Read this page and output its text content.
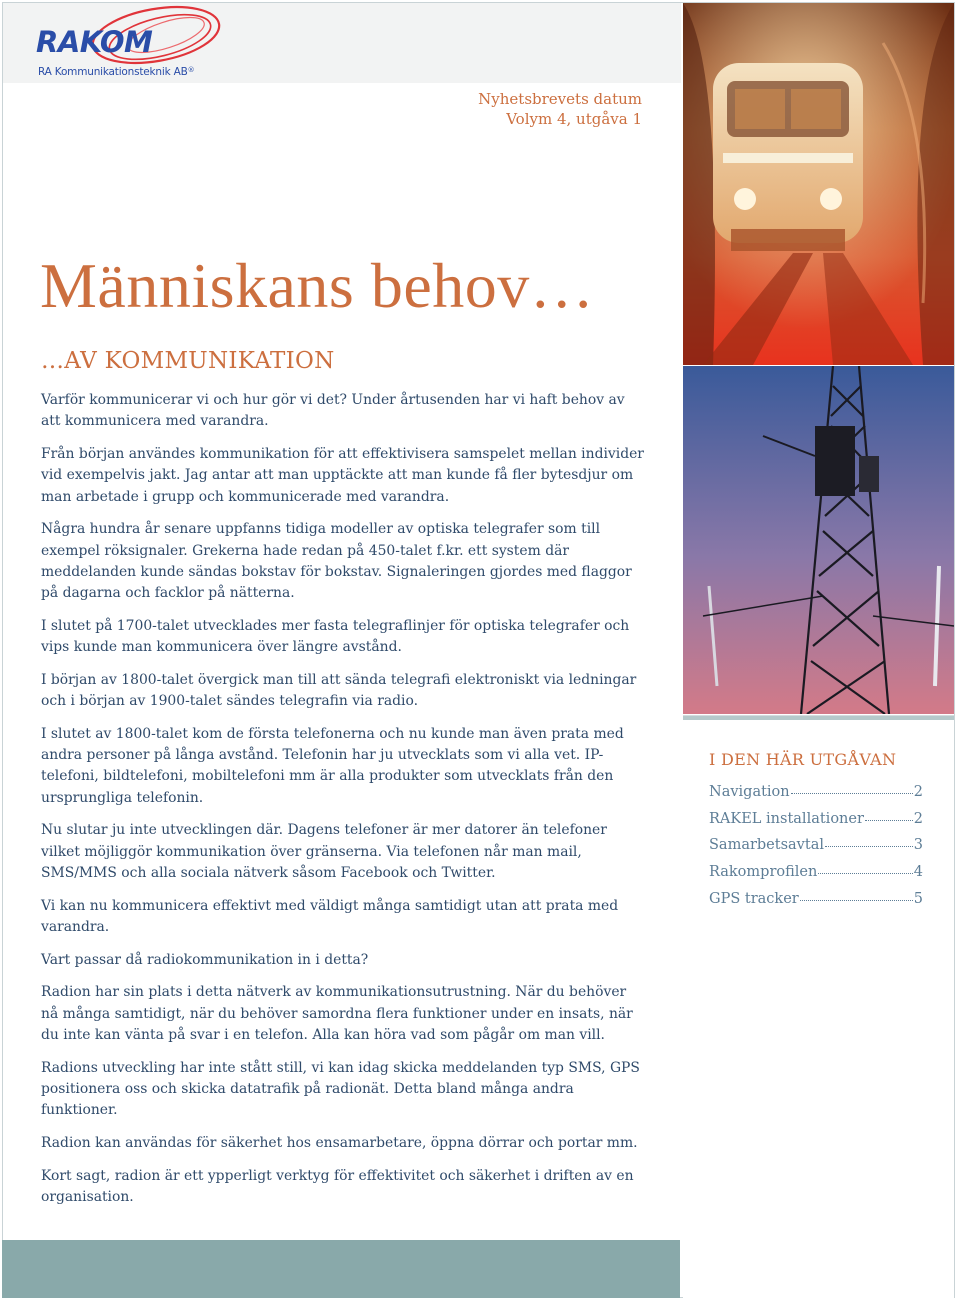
RAKOM
RA Kommunikationsteknik AB®
Nyhetsbrevets datum
Volym 4, utgåva 1
Människans behov…
…AV KOMMUNIKATION

Varför kommunicerar vi och hur gör vi det? Under årtusenden har vi haft behov av att kommunicera med varandra.

Från början användes kommunikation för att effektivisera samspelet mellan individer vid exempelvis jakt. Jag antar att man upptäckte att man kunde få fler bytesdjur om man arbetade i grupp och kommunicerade med varandra.

Några hundra år senare uppfanns tidiga modeller av optiska telegrafer som till exempel röksignaler. Grekerna hade redan på 450-talet f.kr. ett system där meddelanden kunde sändas bokstav för bokstav. Signaleringen gjordes med flaggor på dagarna och facklor på nätterna.

I slutet på 1700-talet utvecklades mer fasta telegraflinjer för optiska telegrafer och vips kunde man kommunicera över längre avstånd.

I början av 1800-talet övergick man till att sända telegrafi elektroniskt via ledningar och i början av 1900-talet sändes telegrafin via radio.

I slutet av 1800-talet kom de första telefonerna och nu kunde man även prata med andra personer på långa avstånd. Telefonin har ju utvecklats som vi alla vet. IP-telefoni, bildtelefoni, mobiltelefoni mm är alla produkter som utvecklats från den ursprungliga telefonin.

Nu slutar ju inte utvecklingen där. Dagens telefoner är mer datorer än telefoner vilket möjliggör kommunikation över gränserna. Via telefonen når man mail, SMS/MMS och alla sociala nätverk såsom Facebook och Twitter.

Vi kan nu kommunicera effektivt med väldigt många samtidigt utan att prata med varandra.

Vart passar då radiokommunikation in i detta?

Radion har sin plats i detta nätverk av kommunikationsutrustning. När du behöver nå många samtidigt, när du behöver samordna flera funktioner under en insats, när du inte kan vänta på svar i en telefon. Alla kan höra vad som pågår om man vill.

Radions utveckling har inte stått still, vi kan idag skicka meddelanden typ SMS, GPS positionera oss och skicka datatrafik på radionät. Detta bland många andra funktioner.

Radion kan användas för säkerhet hos ensamarbetare, öppna dörrar och portar mm.

Kort sagt, radion är ett ypperligt verktyg för effektivitet och säkerhet i driften av en organisation.

I DEN HÄR UTGÅVAN
Navigation	2
RAKEL installationer	2
Samarbetsavtal	3
Rakomprofilen	4
GPS tracker	5
